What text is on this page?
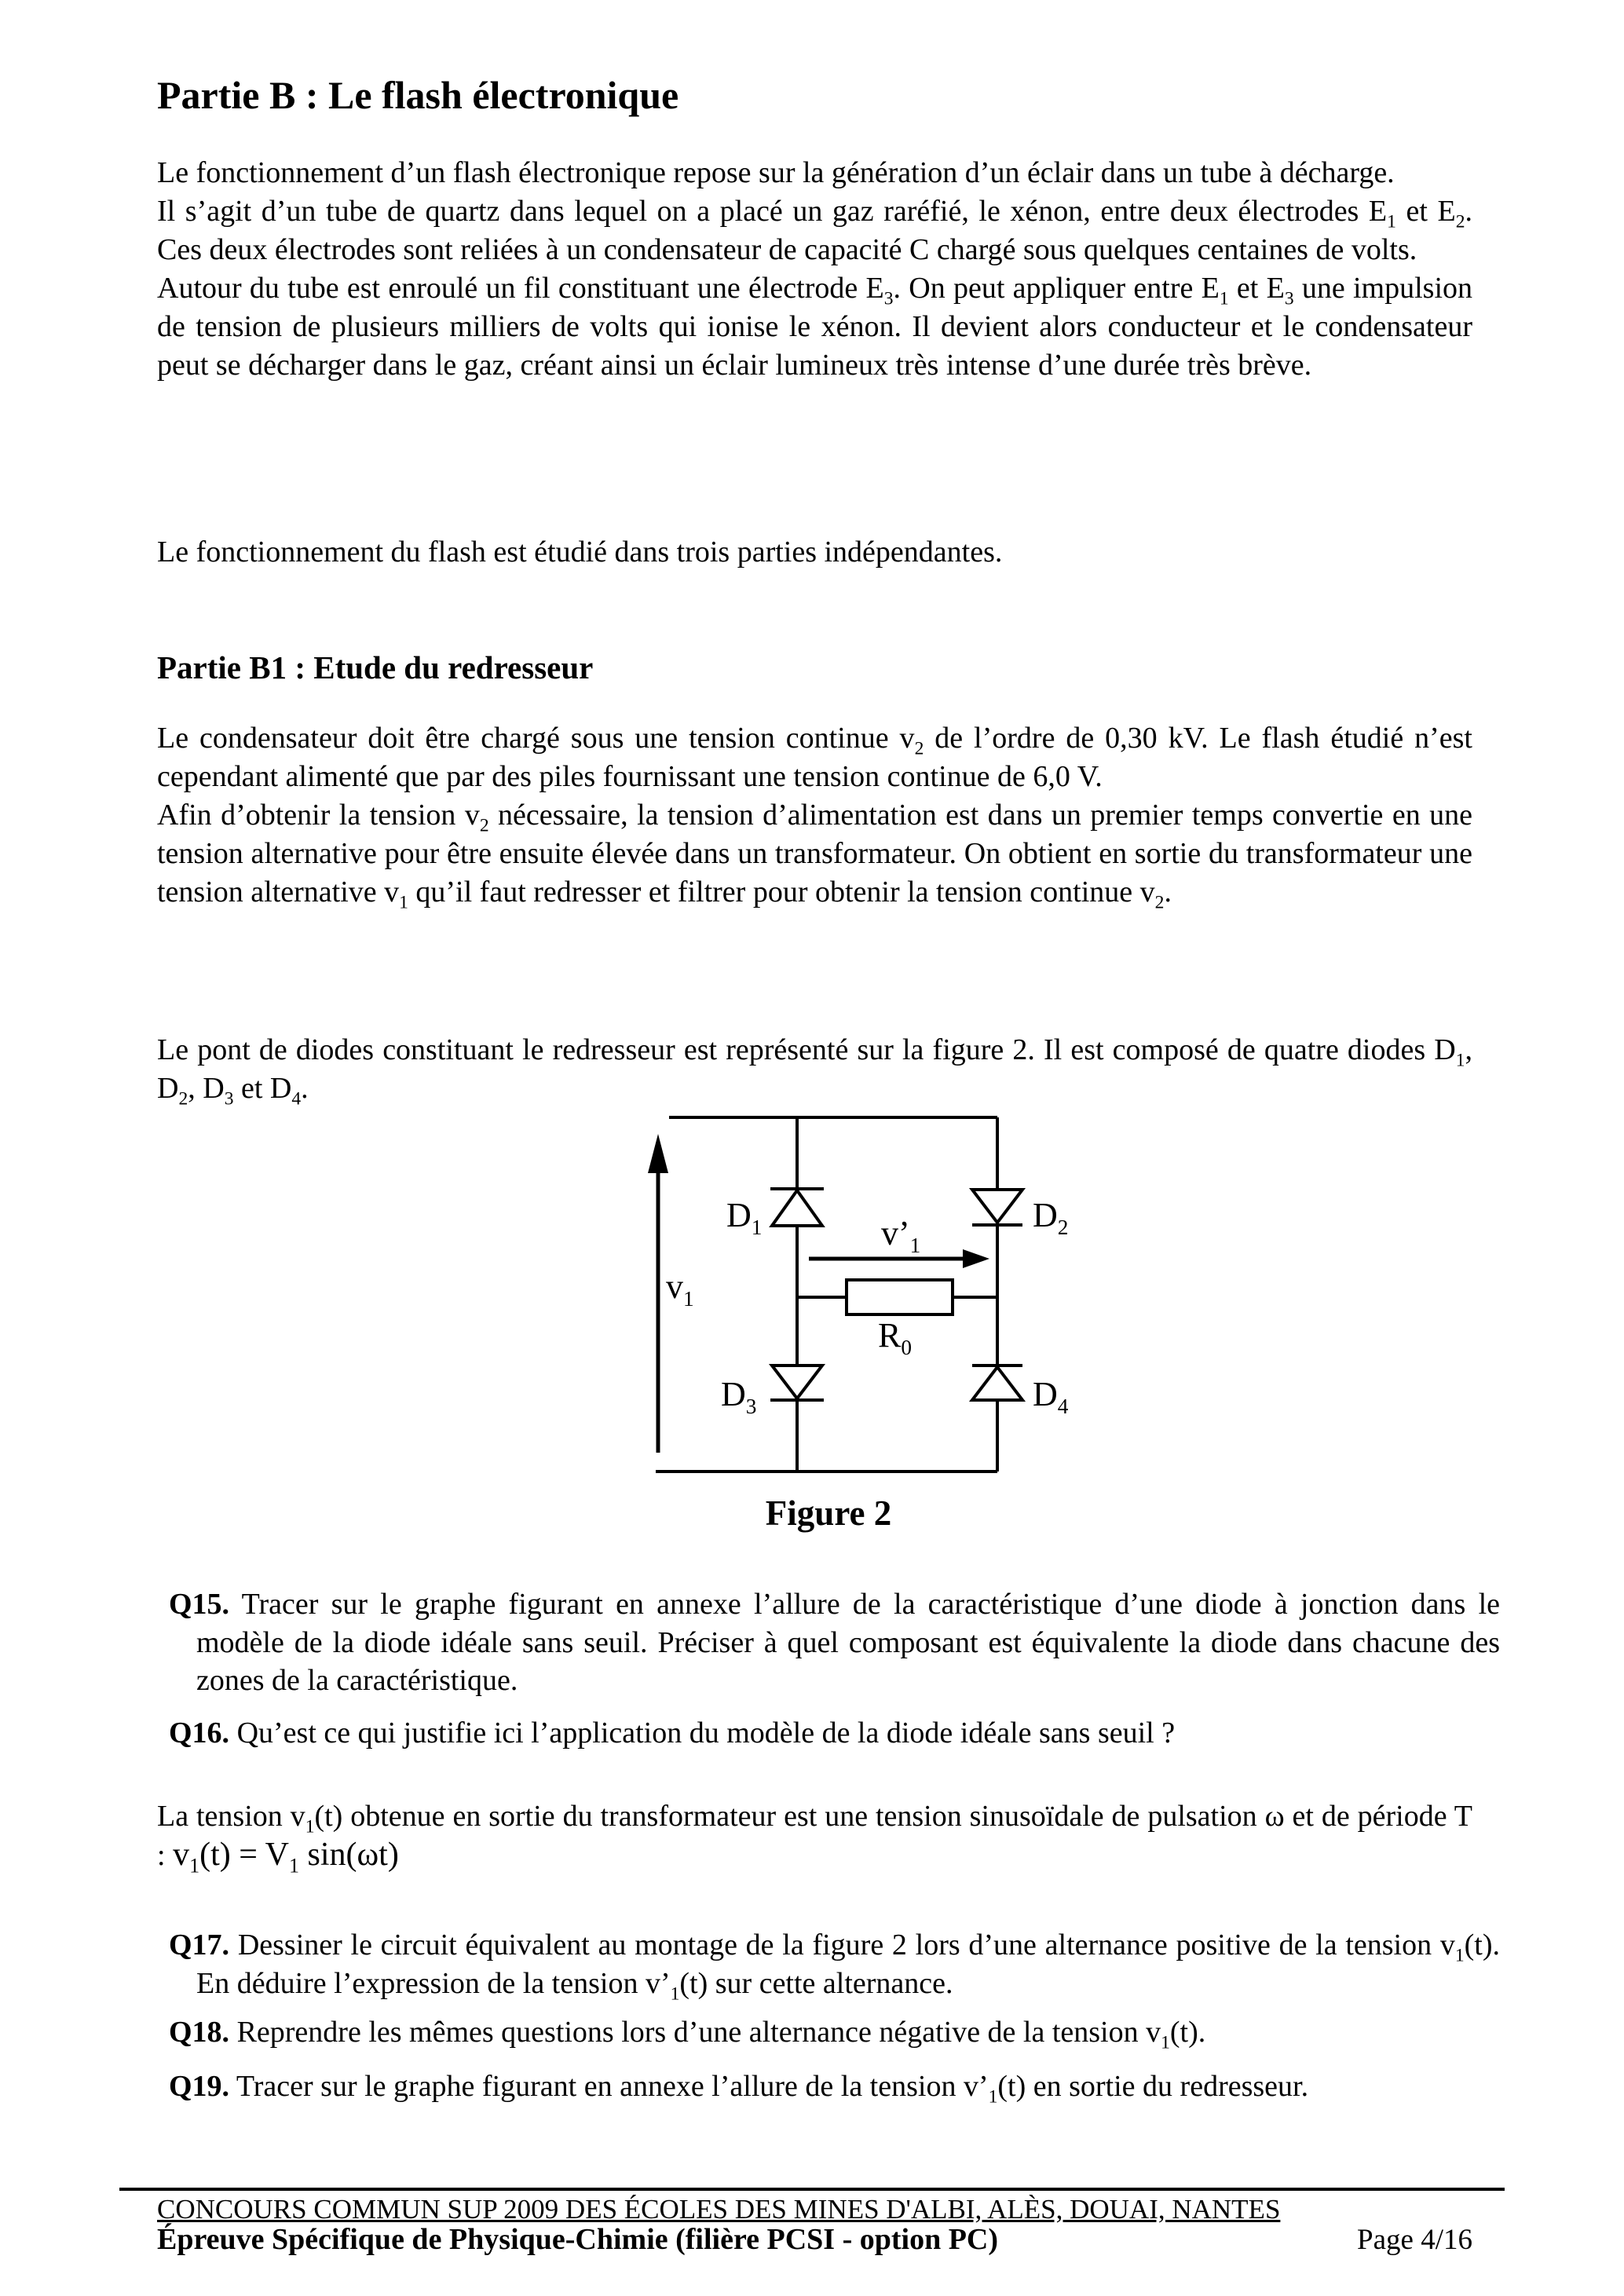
Partie B : Le flash électronique

Le fonctionnement d’un flash électronique repose sur la génération d’un éclair dans un tube à décharge.

Il s’agit d’un tube de quartz dans lequel on a placé un gaz raréfié, le xénon, entre deux électrodes $E_1$ et $E_2$. Ces deux électrodes sont reliées à un condensateur de capacité C chargé sous quelques centaines de volts.

Autour du tube est enroulé un fil constituant une électrode $E_3$. On peut appliquer entre $E_1$ et $E_3$ une impulsion de tension de plusieurs milliers de volts qui ionise le xénon. Il devient alors conducteur et le condensateur peut se décharger dans le gaz, créant ainsi un éclair lumineux très intense d’une durée très brève.

Le fonctionnement du flash est étudié dans trois parties indépendantes.
Partie B1 : Etude du redresseur

Le condensateur doit être chargé sous une tension continue $v_2$ de l’ordre de 0,30 kV. Le flash étudié n’est cependant alimenté que par des piles fournissant une tension continue de 6,0 V.

Afin d’obtenir la tension $v_2$ nécessaire, la tension d’alimentation est dans un premier temps convertie en une tension alternative pour être ensuite élevée dans un transformateur. On obtient en sortie du transformateur une tension alternative $v_1$ qu’il faut redresser et filtrer pour obtenir la tension continue $v_2$.

Le pont de diodes constituant le redresseur est représenté sur la figure 2. Il est composé de quatre diodes $D_1$, $D_2$, $D_3$ et $D_4$.
$v_1$
$D_1$	$D_2$
$D_3$	$D_4$
$v’_1$
$R_0$
Figure 2
Q15. Tracer sur le graphe figurant en annexe l’allure de la caractéristique d’une diode à jonction dans le modèle de la diode idéale sans seuil. Préciser à quel composant est équivalente la diode dans chacune des zones de la caractéristique.
Q16. Qu’est ce qui justifie ici l’application du modèle de la diode idéale sans seuil ?
La tension $v_1(t)$ obtenue en sortie du transformateur est une tension sinusoïdale de pulsation ω et de période T : $v_1(t) = V_1$ sin(ωt)
Q17. Dessiner le circuit équivalent au montage de la figure 2 lors d’une alternance positive de la tension $v_1(t)$. En déduire l’expression de la tension $v’_1(t)$ sur cette alternance.
Q18. Reprendre les mêmes questions lors d’une alternance négative de la tension $v_1(t)$.
Q19. Tracer sur le graphe figurant en annexe l’allure de la tension $v’_1(t)$ en sortie du redresseur.
CONCOURS COMMUN SUP 2009 DES ÉCOLES DES MINES D'ALBI, ALÈS, DOUAI, NANTES
Épreuve Spécifique de Physique-Chimie (filière PCSI - option PC)	Page 4/16
